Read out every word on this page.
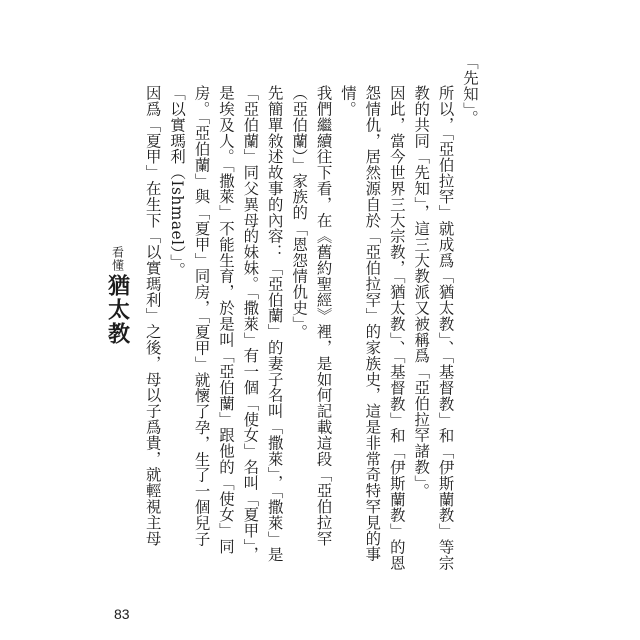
看懂
猶太教

「先知」。

所以，「亞伯拉罕」就成爲「猶太教」、「基督教」和「伊斯蘭教」等宗教的共同「先知」，這三大教派又被稱爲「亞伯拉罕諸教」。

因此，當今世界三大宗教，「猶太教」、「基督教」和「伊斯蘭教」的恩怨情仇，居然源自於「亞伯拉罕」的家族史，這是非常奇特罕見的事情。

我們繼續往下看，在《舊約聖經》裡，是如何記載這段「亞伯拉罕（亞伯蘭）」家族的「恩怨情仇史」。

先簡單敘述故事的內容：「亞伯蘭」的妻子名叫「撒萊」，「撒萊」是「亞伯蘭」同父異母的妹妹。「撒萊」有一個「使女」名叫「夏甲」，是埃及人。「撒萊」不能生育，於是叫「亞伯蘭」跟他的「使女」同房。「亞伯蘭」與「夏甲」同房，「夏甲」就懷了孕，生了一個兒子「以實瑪利（Ishmael）」。

因爲「夏甲」在生下「以實瑪利」之後，母以子爲貴，就輕視主母

83
